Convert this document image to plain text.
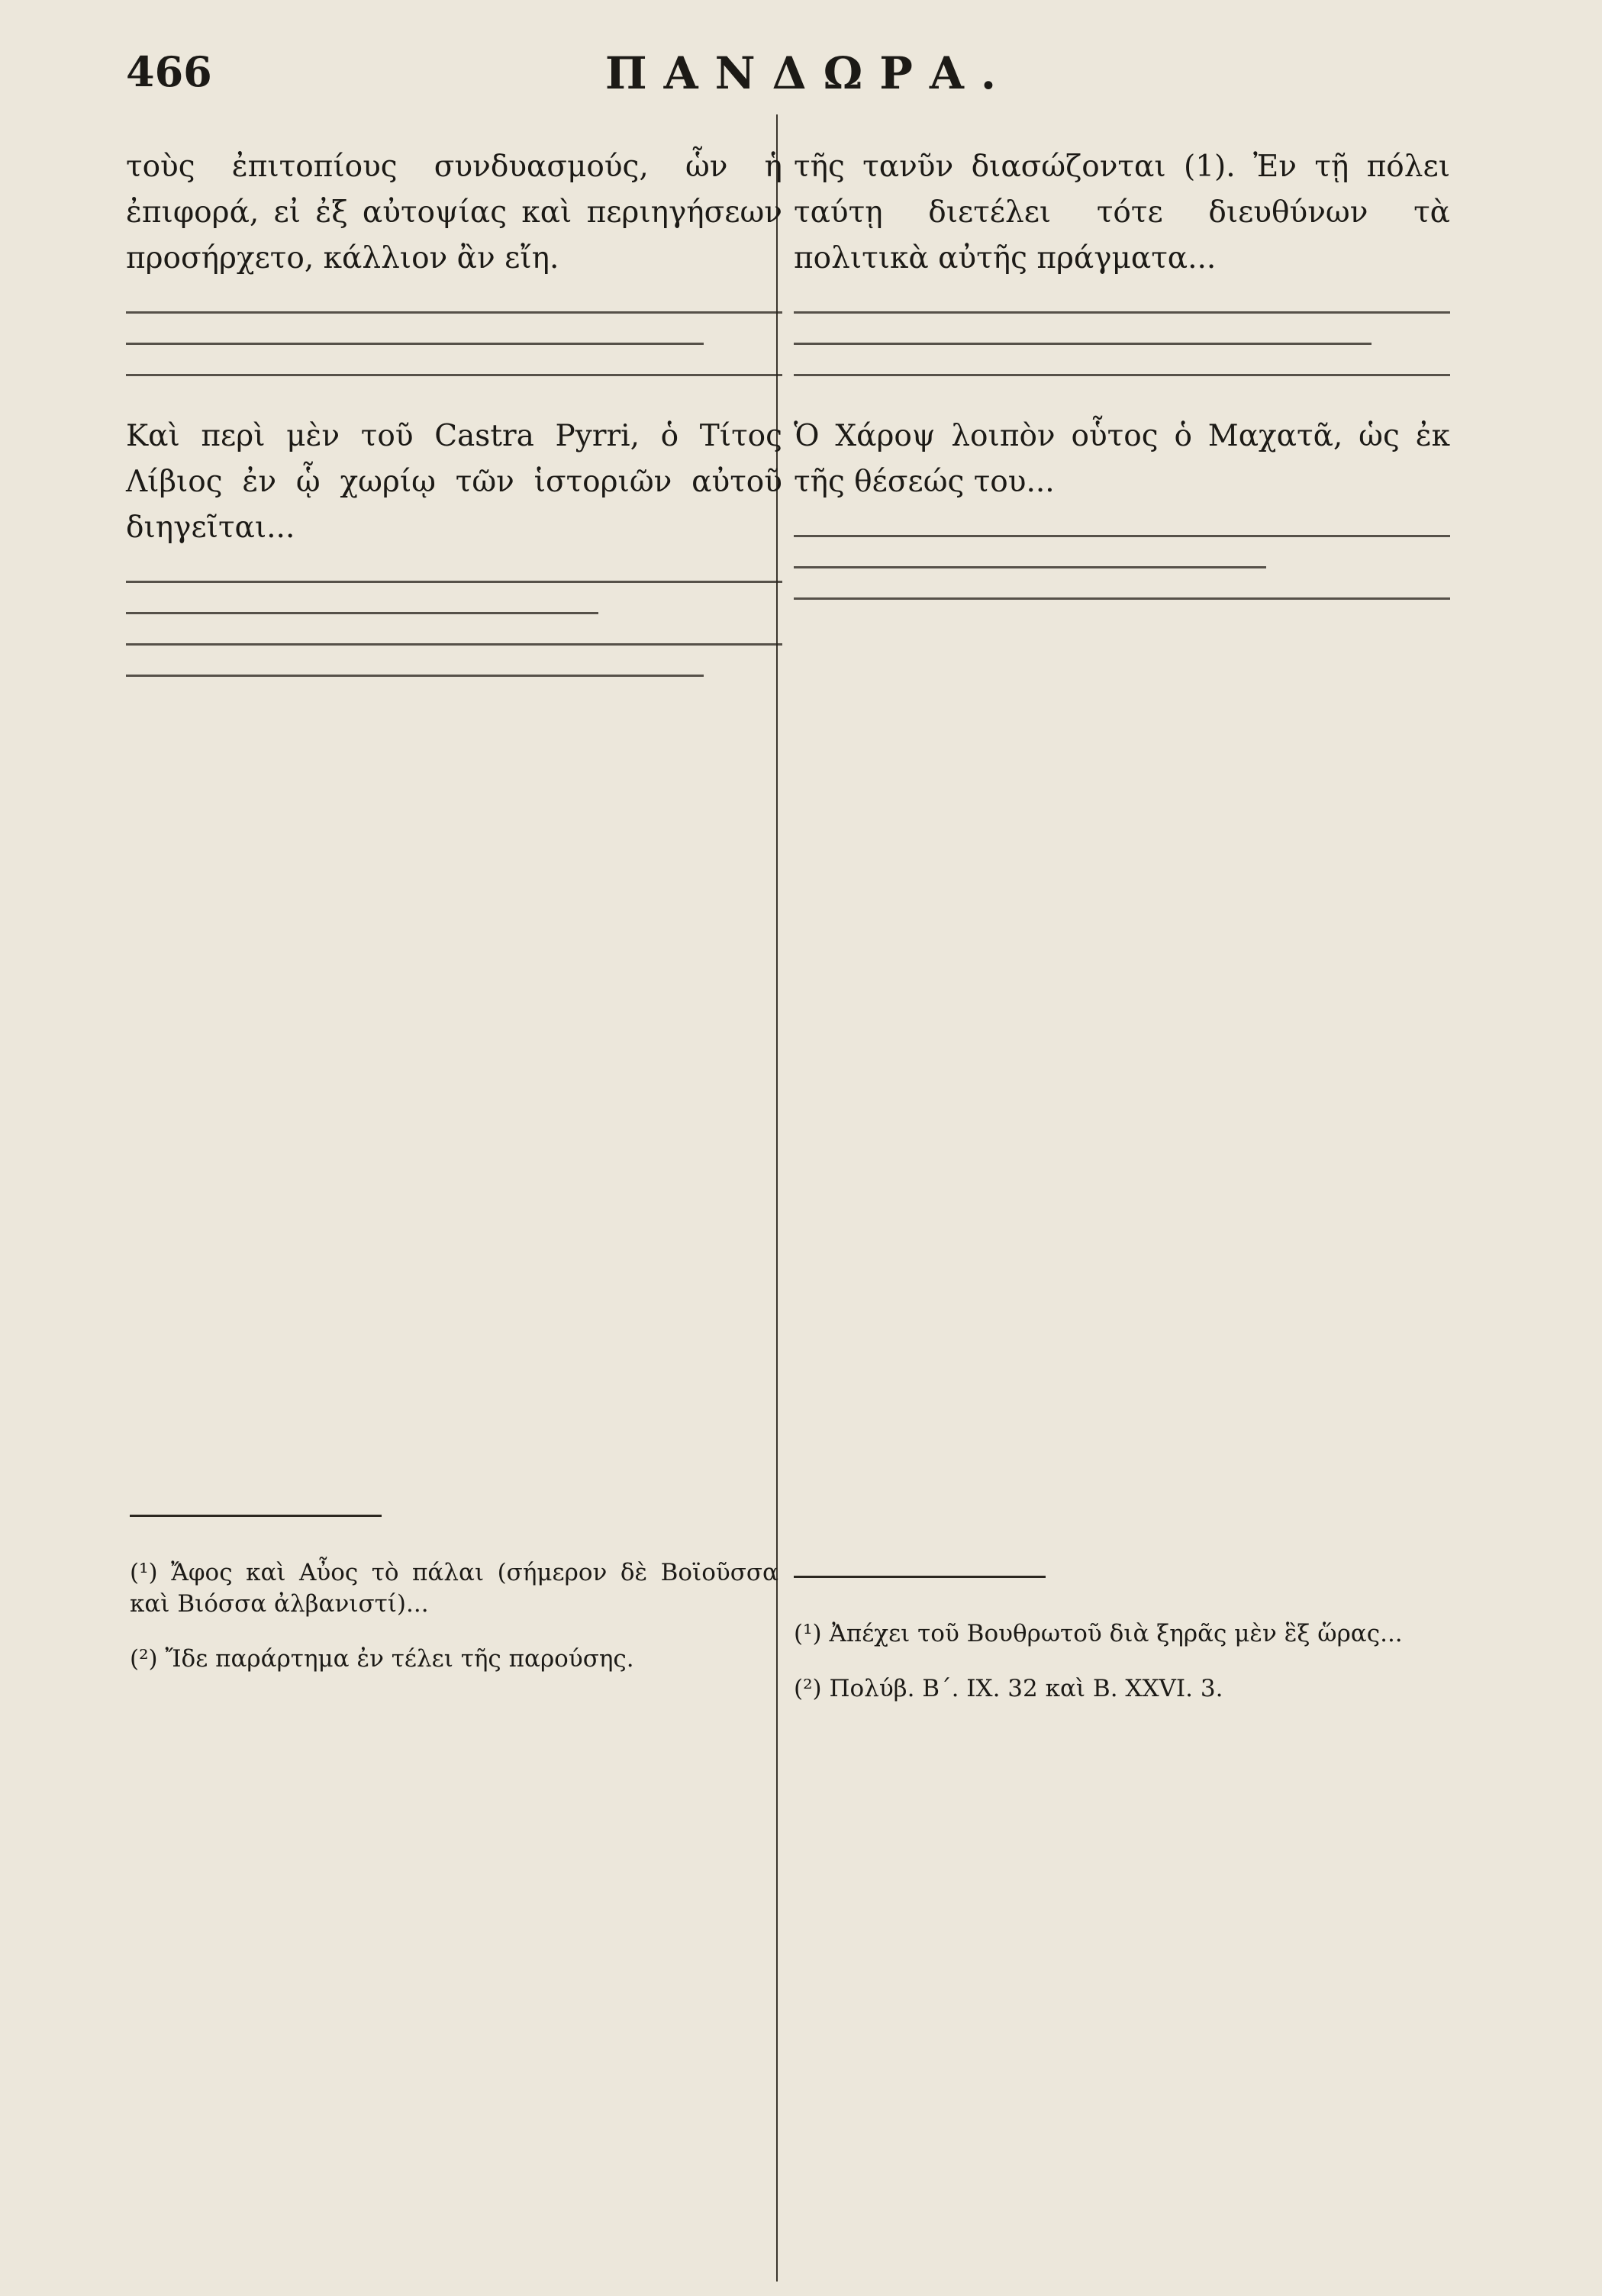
466	ΠΑΝΔΩΡΑ.

τοὺς ἐπιτοπίους συνδυασμούς, ὧν ἡ ἐπιφορά, εἰ ἐξ αὐτοψίας καὶ περιηγήσεων προσήρχετο, κάλλιον ἂν εἴη.

Καὶ περὶ μὲν τοῦ Castra Pyrri, ὁ Τίτος Λίβιος ἐν ᾧ χωρίῳ τῶν ἱστοριῶν αὐτοῦ διηγεῖται...

τῆς τανῦν διασώζονται (1). Ἐν τῇ πόλει ταύτῃ διετέλει τότε διευθύνων τὰ πολιτικὰ αὐτῆς πράγματα...

Ὁ Χάροψ λοιπὸν οὗτος ὁ Μαχατᾶ, ὡς ἐκ τῆς θέσεώς του...

(¹) Ἄφος καὶ Αὖος τὸ πάλαι (σήμερον δὲ Βοϊοῦσσα καὶ Βιόσσα ἀλβανιστί)...

(²) Ἴδε παράρτημα ἐν τέλει τῆς παρούσης.

(¹) Ἀπέχει τοῦ Βουθρωτοῦ διὰ ξηρᾶς μὲν ἓξ ὥρας...

(²) Πολύβ. Β´. IX. 32 καὶ Β. XXVI. 3.
